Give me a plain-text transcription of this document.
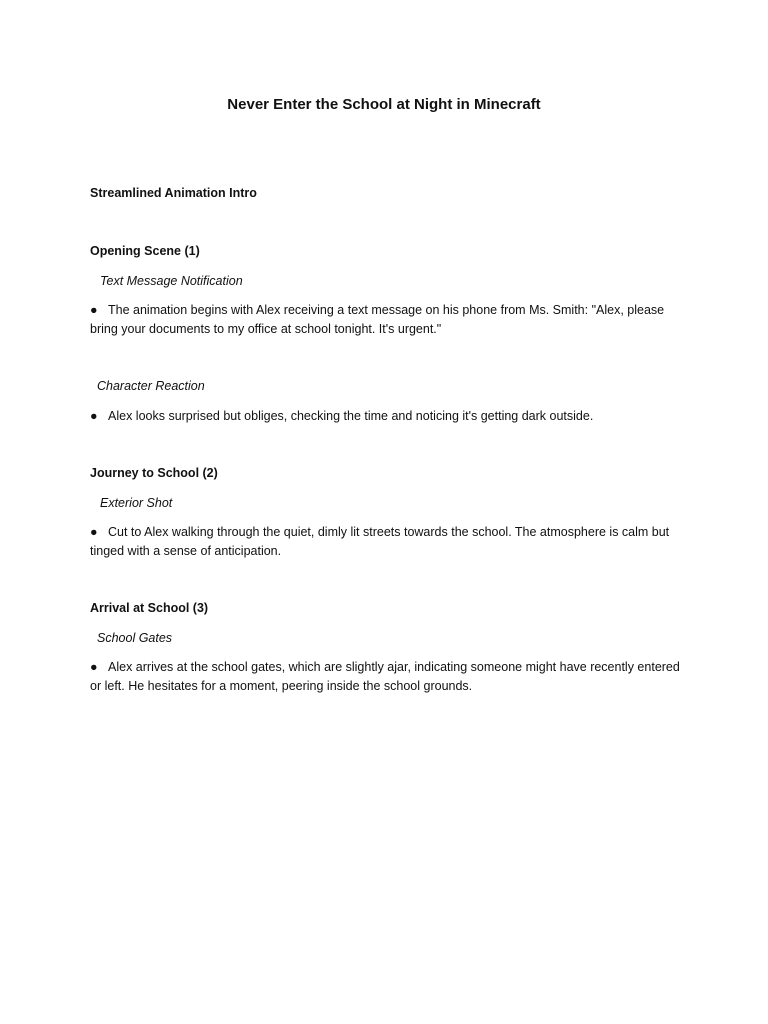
Never Enter the School at Night in Minecraft
Streamlined Animation Intro
Opening Scene (1)
Text Message Notification
● The animation begins with Alex receiving a text message on his phone from Ms. Smith: "Alex, please bring your documents to my office at school tonight. It's urgent."
Character Reaction
● Alex looks surprised but obliges, checking the time and noticing it's getting dark outside.
Journey to School (2)
Exterior Shot
● Cut to Alex walking through the quiet, dimly lit streets towards the school. The atmosphere is calm but tinged with a sense of anticipation.
Arrival at School (3)
School Gates
● Alex arrives at the school gates, which are slightly ajar, indicating someone might have recently entered or left. He hesitates for a moment, peering inside the school grounds.
